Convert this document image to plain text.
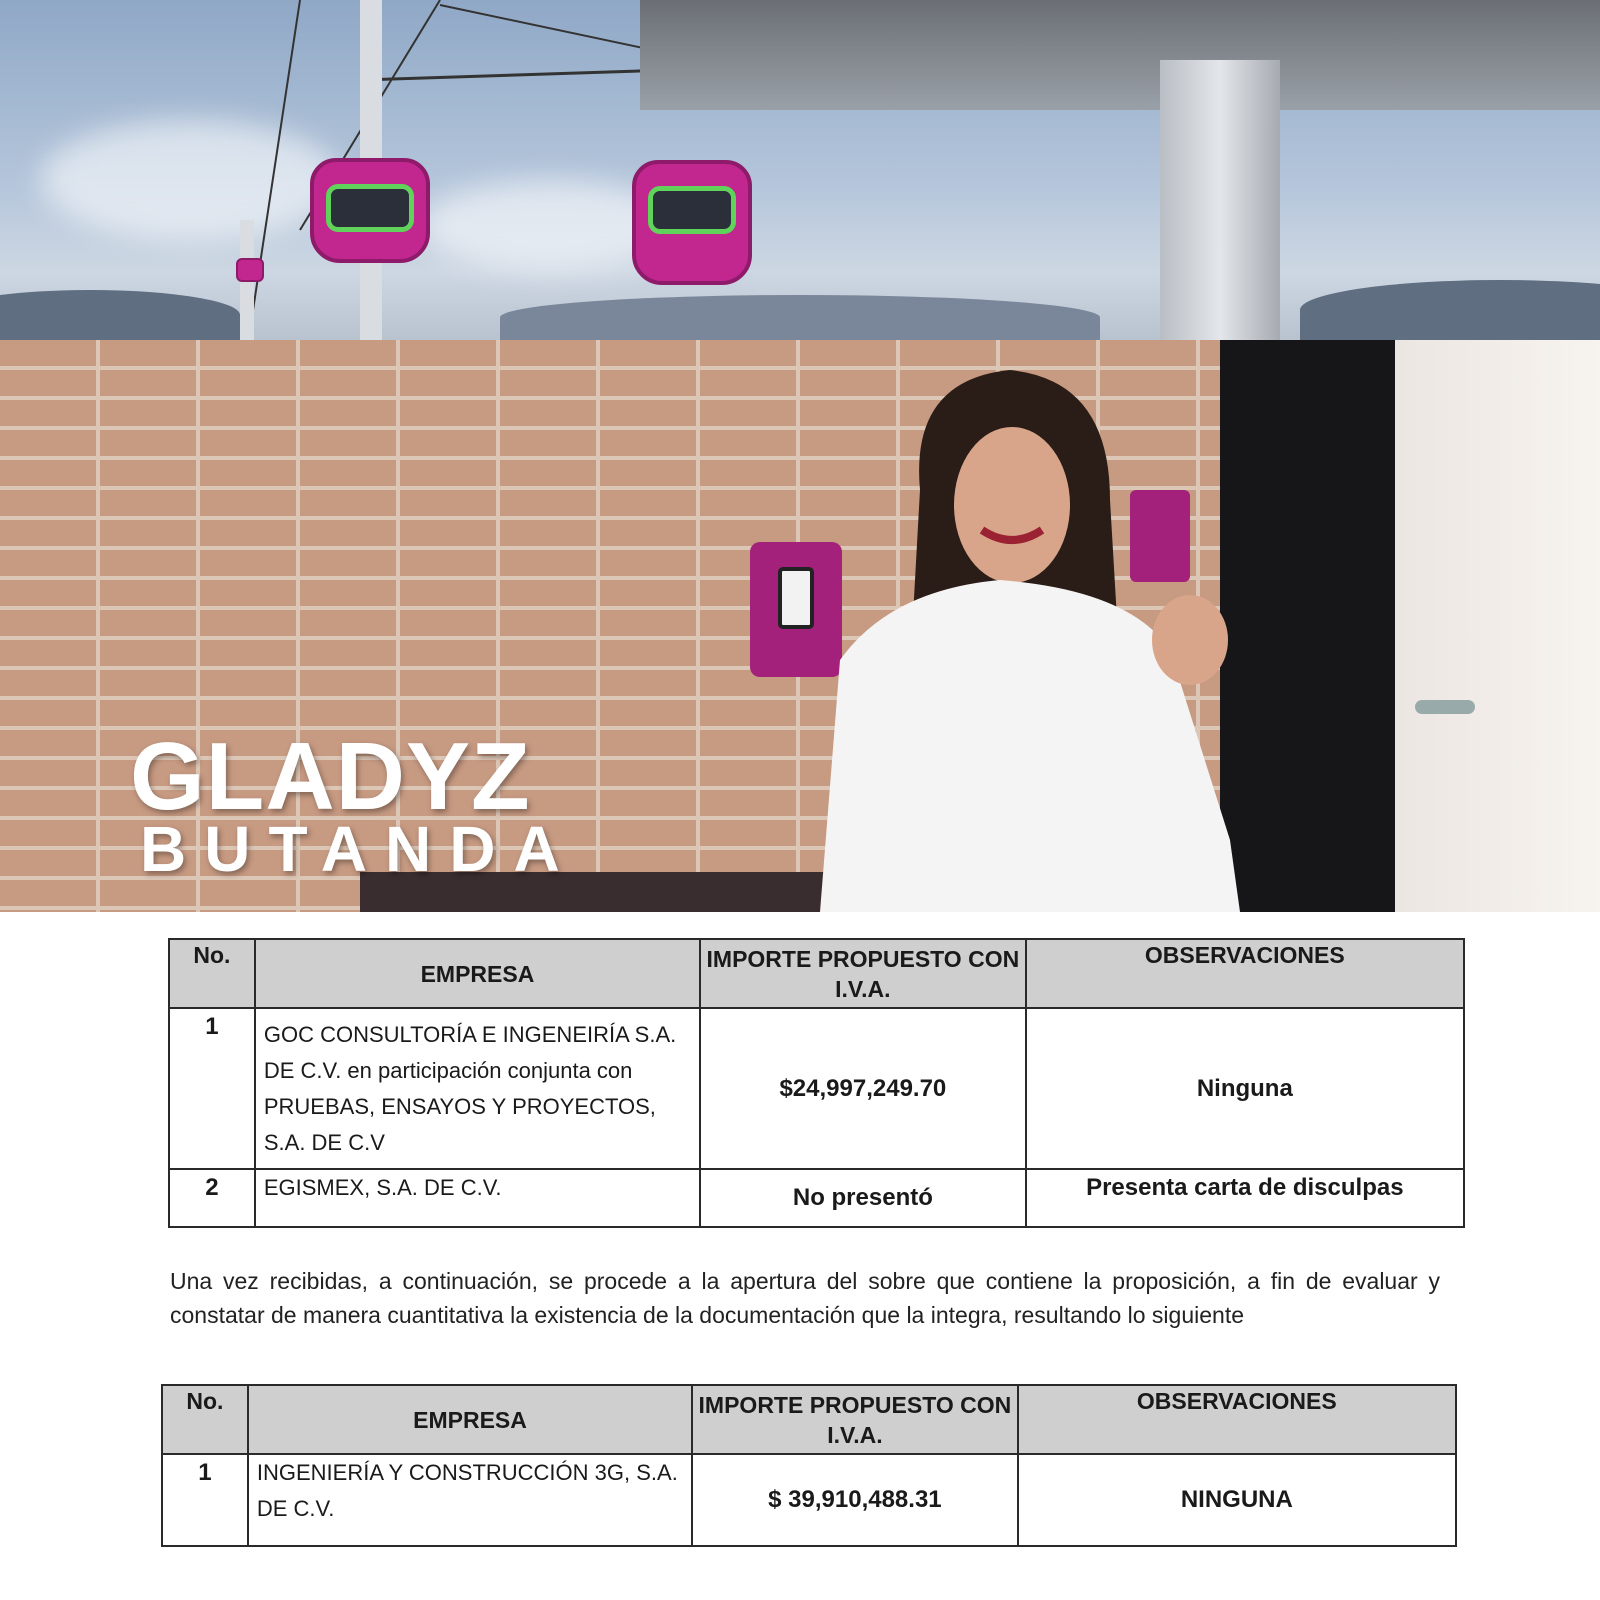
GLADYZ
BUTANDA
No.	EMPRESA	IMPORTE PROPUESTO CON I.V.A.	OBSERVACIONES
1	GOC CONSULTORÍA E INGENEIRÍA S.A. DE C.V. en participación conjunta con PRUEBAS, ENSAYOS Y PROYECTOS, S.A. DE C.V	$24,997,249.70	Ninguna
2	EGISMEX, S.A. DE C.V.	No presentó	Presenta carta de disculpas

Una vez recibidas, a continuación, se procede a la apertura del sobre que contiene la proposición, a fin de evaluar y constatar de manera cuantitativa la existencia de la documentación que la integra, resultando lo siguiente

No.	EMPRESA	IMPORTE PROPUESTO CON I.V.A.	OBSERVACIONES
1	INGENIERÍA Y CONSTRUCCIÓN 3G, S.A. DE C.V.	$ 39,910,488.31	NINGUNA
